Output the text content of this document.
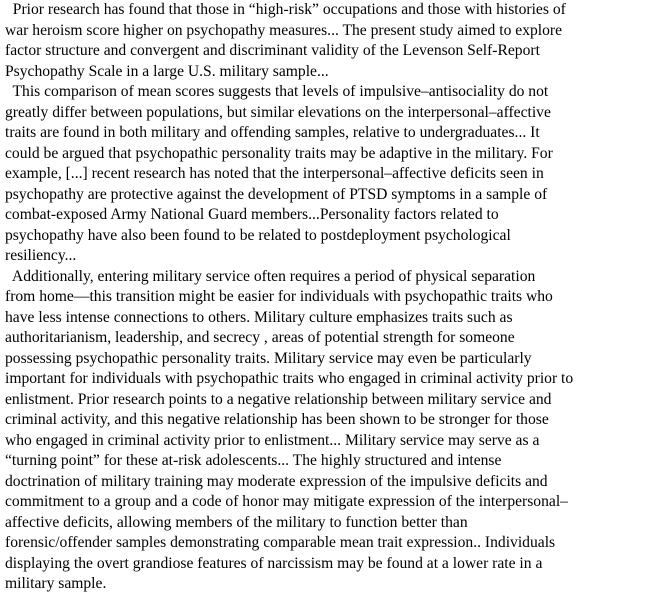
Prior research has found that those in “high-risk” occupations and those with histories of
war heroism score higher on psychopathy measures... The present study aimed to explore
factor structure and convergent and discriminant validity of the Levenson Self-Report
Psychopathy Scale in a large U.S. military sample...
This comparison of mean scores suggests that levels of impulsive–antisociality do not
greatly differ between populations, but similar elevations on the interpersonal–affective
traits are found in both military and offending samples, relative to undergraduates... It
could be argued that psychopathic personality traits may be adaptive in the military. For
example, [...] recent research has noted that the interpersonal–affective deficits seen in
psychopathy are protective against the development of PTSD symptoms in a sample of
combat-exposed Army National Guard members...Personality factors related to
psychopathy have also been found to be related to postdeployment psychological
resiliency...
Additionally, entering military service often requires a period of physical separation
from home—this transition might be easier for individuals with psychopathic traits who
have less intense connections to others. Military culture emphasizes traits such as
authoritarianism, leadership, and secrecy , areas of potential strength for someone
possessing psychopathic personality traits. Military service may even be particularly
important for individuals with psychopathic traits who engaged in criminal activity prior to
enlistment. Prior research points to a negative relationship between military service and
criminal activity, and this negative relationship has been shown to be stronger for those
who engaged in criminal activity prior to enlistment... Military service may serve as a
“turning point” for these at-risk adolescents... The highly structured and intense
doctrination of military training may moderate expression of the impulsive deficits and
commitment to a group and a code of honor may mitigate expression of the interpersonal–
affective deficits, allowing members of the military to function better than
forensic/offender samples demonstrating comparable mean trait expression.. Individuals
displaying the overt grandiose features of narcissism may be found at a lower rate in a
military sample.
